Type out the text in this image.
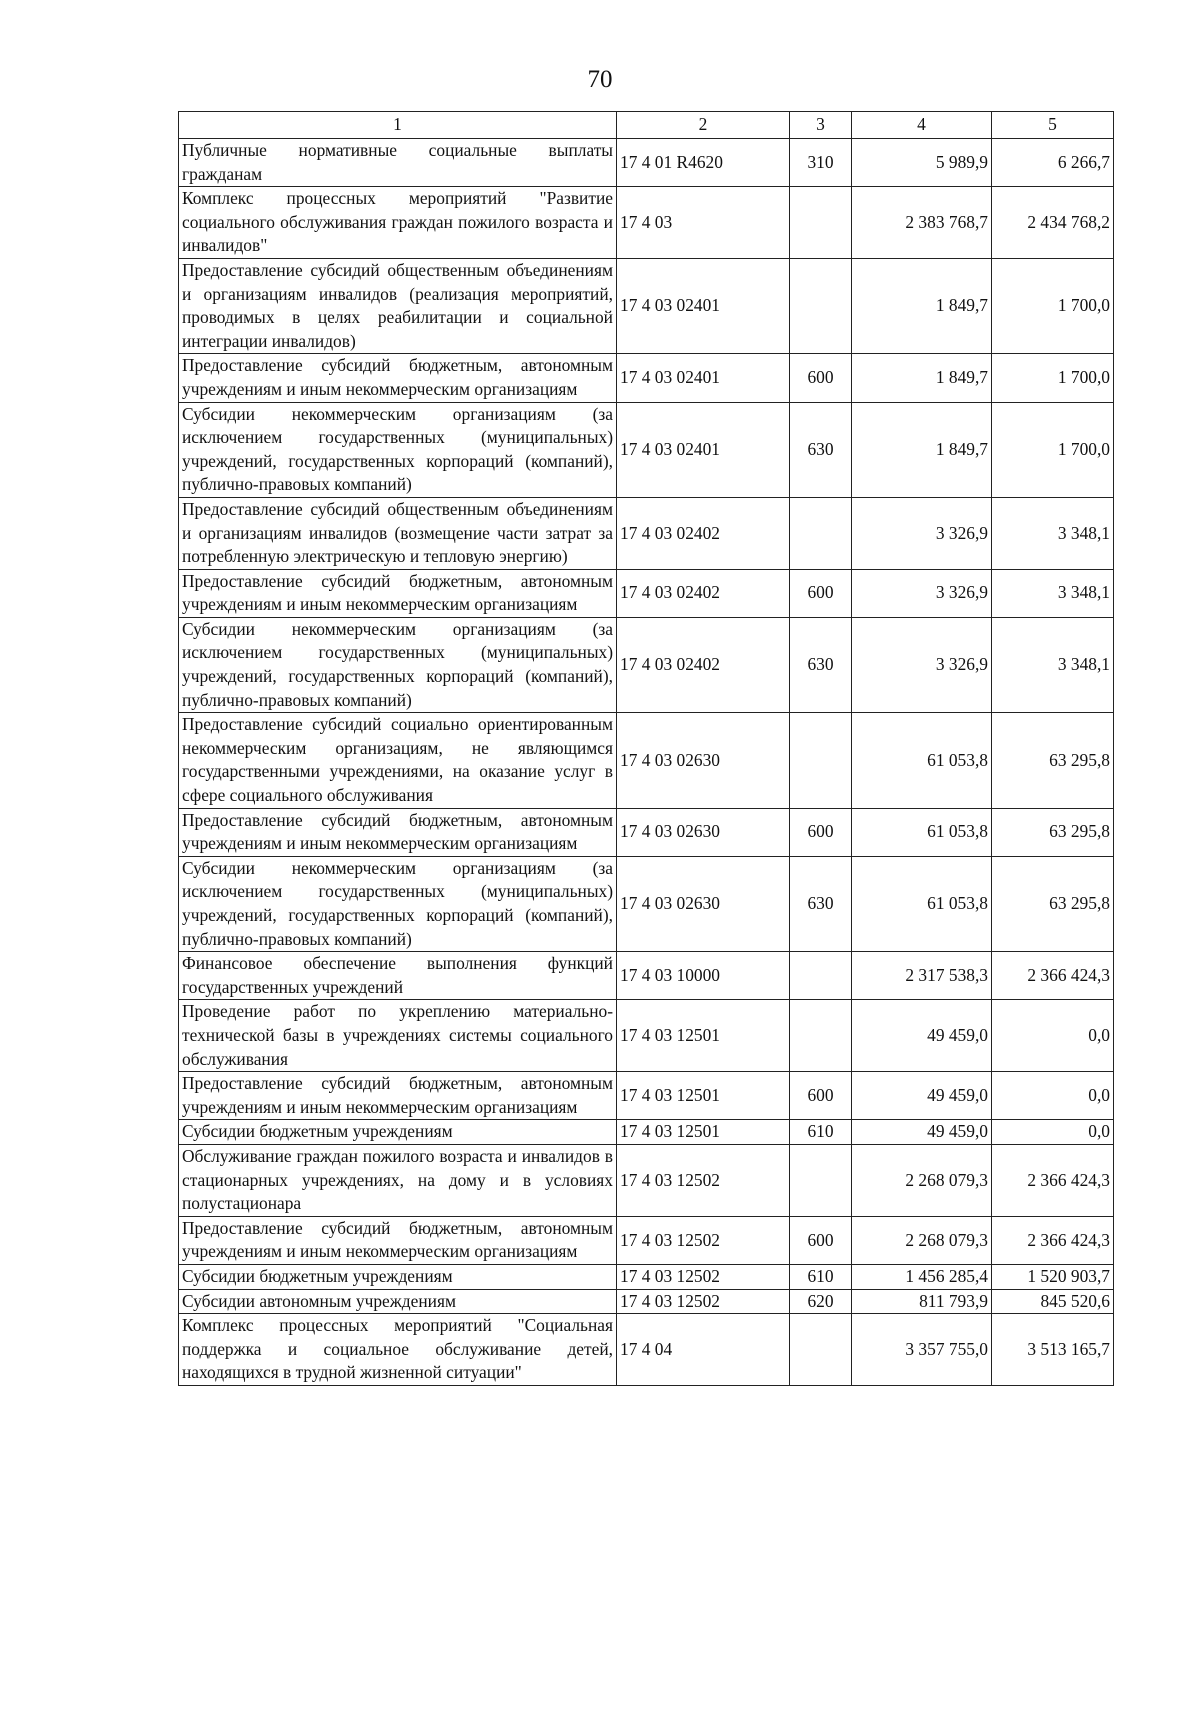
70
1	2	3	4	5
Публичные нормативные социальные выплаты гражданам	17 4 01 R4620	310	5 989,9	6 266,7
Комплекс процессных мероприятий "Развитие социального обслуживания граждан пожилого возраста и инвалидов"	17 4 03		2 383 768,7	2 434 768,2
Предоставление субсидий общественным объединениям и организациям инвалидов (реализация мероприятий, проводимых в целях реабилитации и социальной интеграции инвалидов)	17 4 03 02401		1 849,7	1 700,0
Предоставление субсидий бюджетным, автономным учреждениям и иным некоммерческим организациям	17 4 03 02401	600	1 849,7	1 700,0
Субсидии некоммерческим организациям (за исключением государственных (муниципальных) учреждений, государственных корпораций (компаний), публично-правовых компаний)	17 4 03 02401	630	1 849,7	1 700,0
Предоставление субсидий общественным объединениям и организациям инвалидов (возмещение части затрат за потребленную электрическую и тепловую энергию)	17 4 03 02402		3 326,9	3 348,1
Предоставление субсидий бюджетным, автономным учреждениям и иным некоммерческим организациям	17 4 03 02402	600	3 326,9	3 348,1
Субсидии некоммерческим организациям (за исключением государственных (муниципальных) учреждений, государственных корпораций (компаний), публично-правовых компаний)	17 4 03 02402	630	3 326,9	3 348,1
Предоставление субсидий социально ориентированным некоммерческим организациям, не являющимся государственными учреждениями, на оказание услуг в сфере социального обслуживания	17 4 03 02630		61 053,8	63 295,8
Предоставление субсидий бюджетным, автономным учреждениям и иным некоммерческим организациям	17 4 03 02630	600	61 053,8	63 295,8
Субсидии некоммерческим организациям (за исключением государственных (муниципальных) учреждений, государственных корпораций (компаний), публично-правовых компаний)	17 4 03 02630	630	61 053,8	63 295,8
Финансовое обеспечение выполнения функций государственных учреждений	17 4 03 10000		2 317 538,3	2 366 424,3
Проведение работ по укреплению материально-технической базы в учреждениях системы социального обслуживания	17 4 03 12501		49 459,0	0,0
Предоставление субсидий бюджетным, автономным учреждениям и иным некоммерческим организациям	17 4 03 12501	600	49 459,0	0,0
Субсидии бюджетным учреждениям	17 4 03 12501	610	49 459,0	0,0
Обслуживание граждан пожилого возраста и инвалидов в стационарных учреждениях, на дому и в условиях полустационара	17 4 03 12502		2 268 079,3	2 366 424,3
Предоставление субсидий бюджетным, автономным учреждениям и иным некоммерческим организациям	17 4 03 12502	600	2 268 079,3	2 366 424,3
Субсидии бюджетным учреждениям	17 4 03 12502	610	1 456 285,4	1 520 903,7
Субсидии автономным учреждениям	17 4 03 12502	620	811 793,9	845 520,6
Комплекс процессных мероприятий "Социальная поддержка и социальное обслуживание детей, находящихся в трудной жизненной ситуации"	17 4 04		3 357 755,0	3 513 165,7
